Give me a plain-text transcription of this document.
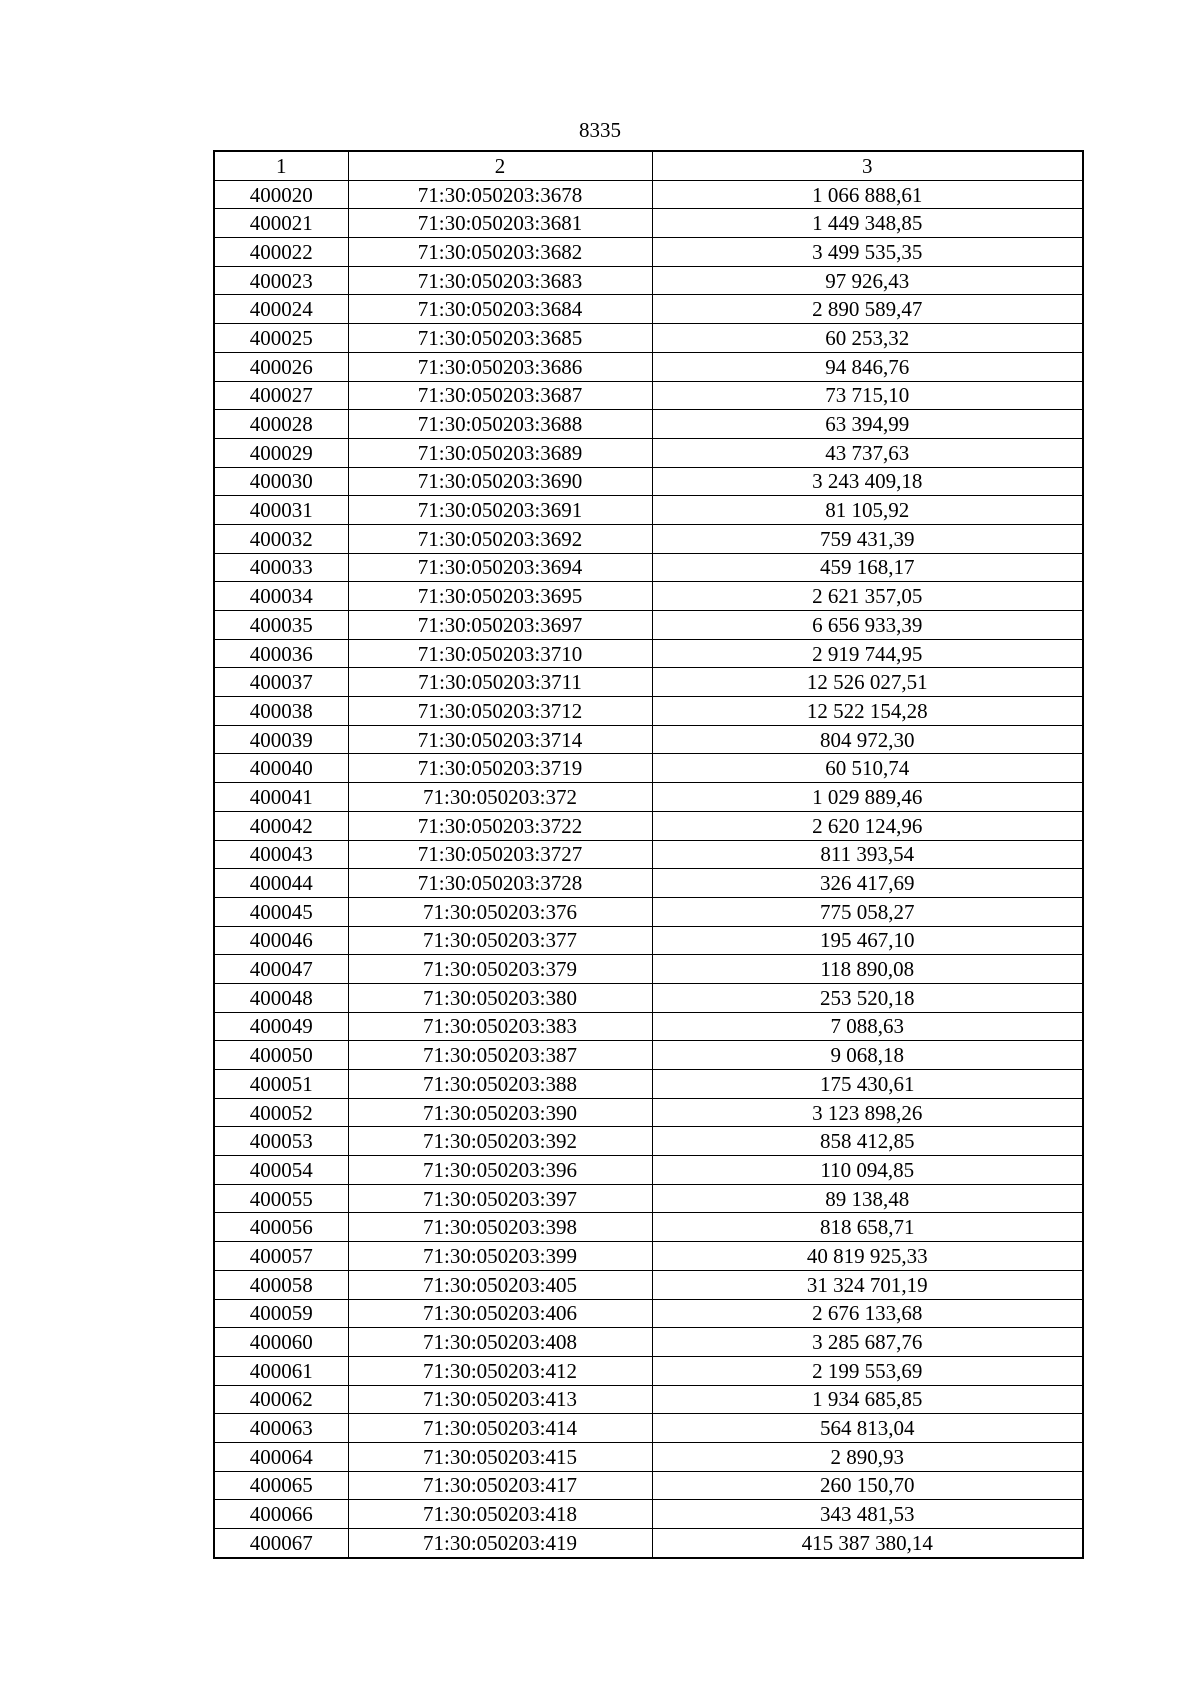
8335
1	2	3
400020	71:30:050203:3678	1 066 888,61
400021	71:30:050203:3681	1 449 348,85
400022	71:30:050203:3682	3 499 535,35
400023	71:30:050203:3683	97 926,43
400024	71:30:050203:3684	2 890 589,47
400025	71:30:050203:3685	60 253,32
400026	71:30:050203:3686	94 846,76
400027	71:30:050203:3687	73 715,10
400028	71:30:050203:3688	63 394,99
400029	71:30:050203:3689	43 737,63
400030	71:30:050203:3690	3 243 409,18
400031	71:30:050203:3691	81 105,92
400032	71:30:050203:3692	759 431,39
400033	71:30:050203:3694	459 168,17
400034	71:30:050203:3695	2 621 357,05
400035	71:30:050203:3697	6 656 933,39
400036	71:30:050203:3710	2 919 744,95
400037	71:30:050203:3711	12 526 027,51
400038	71:30:050203:3712	12 522 154,28
400039	71:30:050203:3714	804 972,30
400040	71:30:050203:3719	60 510,74
400041	71:30:050203:372	1 029 889,46
400042	71:30:050203:3722	2 620 124,96
400043	71:30:050203:3727	811 393,54
400044	71:30:050203:3728	326 417,69
400045	71:30:050203:376	775 058,27
400046	71:30:050203:377	195 467,10
400047	71:30:050203:379	118 890,08
400048	71:30:050203:380	253 520,18
400049	71:30:050203:383	7 088,63
400050	71:30:050203:387	9 068,18
400051	71:30:050203:388	175 430,61
400052	71:30:050203:390	3 123 898,26
400053	71:30:050203:392	858 412,85
400054	71:30:050203:396	110 094,85
400055	71:30:050203:397	89 138,48
400056	71:30:050203:398	818 658,71
400057	71:30:050203:399	40 819 925,33
400058	71:30:050203:405	31 324 701,19
400059	71:30:050203:406	2 676 133,68
400060	71:30:050203:408	3 285 687,76
400061	71:30:050203:412	2 199 553,69
400062	71:30:050203:413	1 934 685,85
400063	71:30:050203:414	564 813,04
400064	71:30:050203:415	2 890,93
400065	71:30:050203:417	260 150,70
400066	71:30:050203:418	343 481,53
400067	71:30:050203:419	415 387 380,14
